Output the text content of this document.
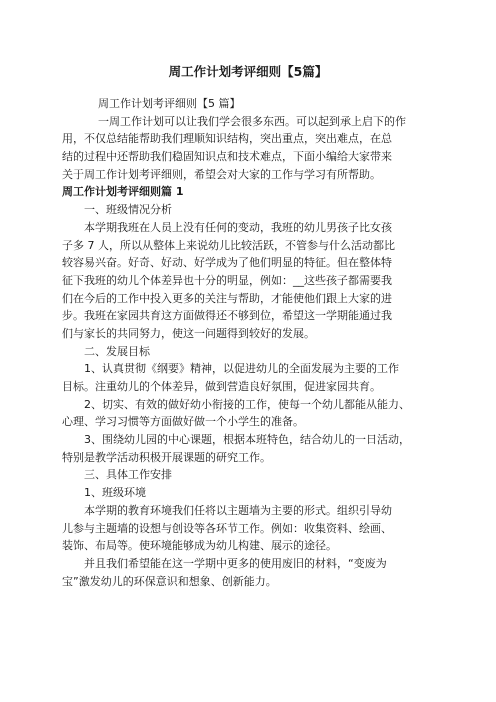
周工作计划考评细则【5篇】
周工作计划考评细则【5 篇】
一周工作计划可以让我们学会很多东西。可以起到承上启下的作
用，不仅总结能帮助我们理顺知识结构，突出重点，突出难点，在总
结的过程中还帮助我们稳固知识点和技术难点，下面小编给大家带来
关于周工作计划考评细则，希望会对大家的工作与学习有所帮助。
周工作计划考评细则篇 1
一、班级情况分析
本学期我班在人员上没有任何的变动，我班的幼儿男孩子比女孩
子多 7 人，所以从整体上来说幼儿比较活跃，不管参与什么活动都比
较容易兴奋。好奇、好动、好学成为了他们明显的特征。但在整体特
征下我班的幼儿个体差异也十分的明显，例如：__这些孩子都需要我
们在今后的工作中投入更多的关注与帮助，才能使他们跟上大家的进
步。我班在家园共育这方面做得还不够到位，希望这一学期能通过我
们与家长的共同努力，使这一问题得到较好的发展。
二、发展目标
1、认真贯彻《纲要》精神，以促进幼儿的全面发展为主要的工作
目标。注重幼儿的个体差异，做到营造良好氛围，促进家园共育。
2、切实、有效的做好幼小衔接的工作，使每一个幼儿都能从能力、
心理、学习习惯等方面做好做一个小学生的准备。
3、围绕幼儿园的中心课题，根据本班特色，结合幼儿的一日活动，
特别是教学活动积极开展课题的研究工作。
三、具体工作安排
1、班级环境
本学期的教育环境我们任将以主题墙为主要的形式。组织引导幼
儿参与主题墙的设想与创设等各环节工作。例如：收集资料、绘画、
装饰、布局等。使环境能够成为幼儿构建、展示的途径。
并且我们希望能在这一学期中更多的使用废旧的材料，“变废为
宝”激发幼儿的环保意识和想象、创新能力。
